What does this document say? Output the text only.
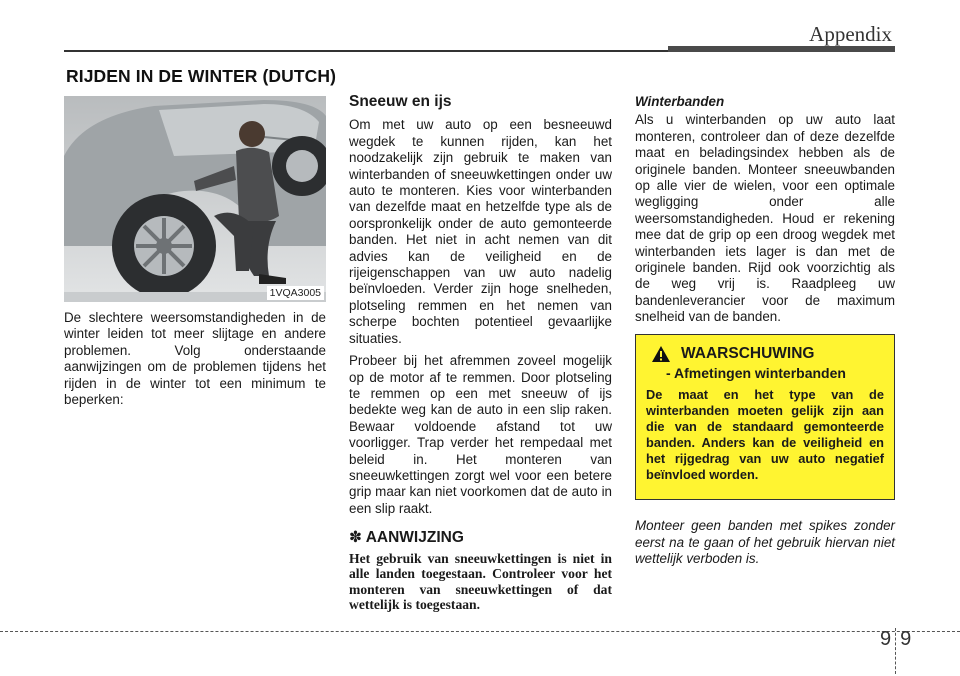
Appendix
RIJDEN IN DE WINTER (DUTCH)
1VQA3005

De slechtere weersomstandigheden in de winter leiden tot meer slijtage en andere problemen. Volg onderstaande aanwijzingen om de problemen tijdens het rijden in de winter tot een minimum te beperken:

Sneeuw en ijs

Om met uw auto op een besneeuwd wegdek te kunnen rijden, kan het noodzakelijk zijn gebruik te maken van winterbanden of sneeuwkettingen onder uw auto te monteren. Kies voor winterbanden van dezelfde maat en hetzelfde type als de oorspronkelijk onder de auto gemonteerde banden. Het niet in acht nemen van dit advies kan de veiligheid en de rijeigenschappen van uw auto nadelig beïnvloeden. Verder zijn hoge snelheden, plotseling remmen en het nemen van scherpe bochten potentieel gevaarlijke situaties.

Probeer bij het afremmen zoveel mogelijk op de motor af te remmen. Door plotseling te remmen op een met sneeuw of ijs bedekte weg kan de auto in een slip raken. Bewaar voldoende afstand tot uw voorligger. Trap verder het rempedaal met beleid in. Het monteren van sneeuwkettingen zorgt wel voor een betere grip maar kan niet voorkomen dat de auto in een slip raakt.

✽ AANWIJZING

Het gebruik van sneeuwkettingen is niet in alle landen toegestaan. Controleer voor het monteren van sneeuwkettingen of dat wettelijk is toegestaan.

Winterbanden

Als u winterbanden op uw auto laat monteren, controleer dan of deze dezelfde maat en beladingsindex hebben als de originele banden. Monteer sneeuwbanden op alle vier de wielen, voor een optimale wegligging onder alle weersomstandigheden. Houd er rekening mee dat de grip op een droog wegdek met winterbanden iets lager is dan met de originele banden. Rijd ook voorzichtig als de weg vrij is. Raadpleeg uw bandenleverancier voor de maximum snelheid van de banden.

WAARSCHUWING
- Afmetingen winterbanden

De maat en het type van de winterbanden moeten gelijk zijn aan die van de standaard gemonteerde banden. Anders kan de veiligheid en het rijgedrag van uw auto negatief beïnvloed worden.

Monteer geen banden met spikes zonder eerst na te gaan of het gebruik hiervan niet wettelijk verboden is.

9 9
